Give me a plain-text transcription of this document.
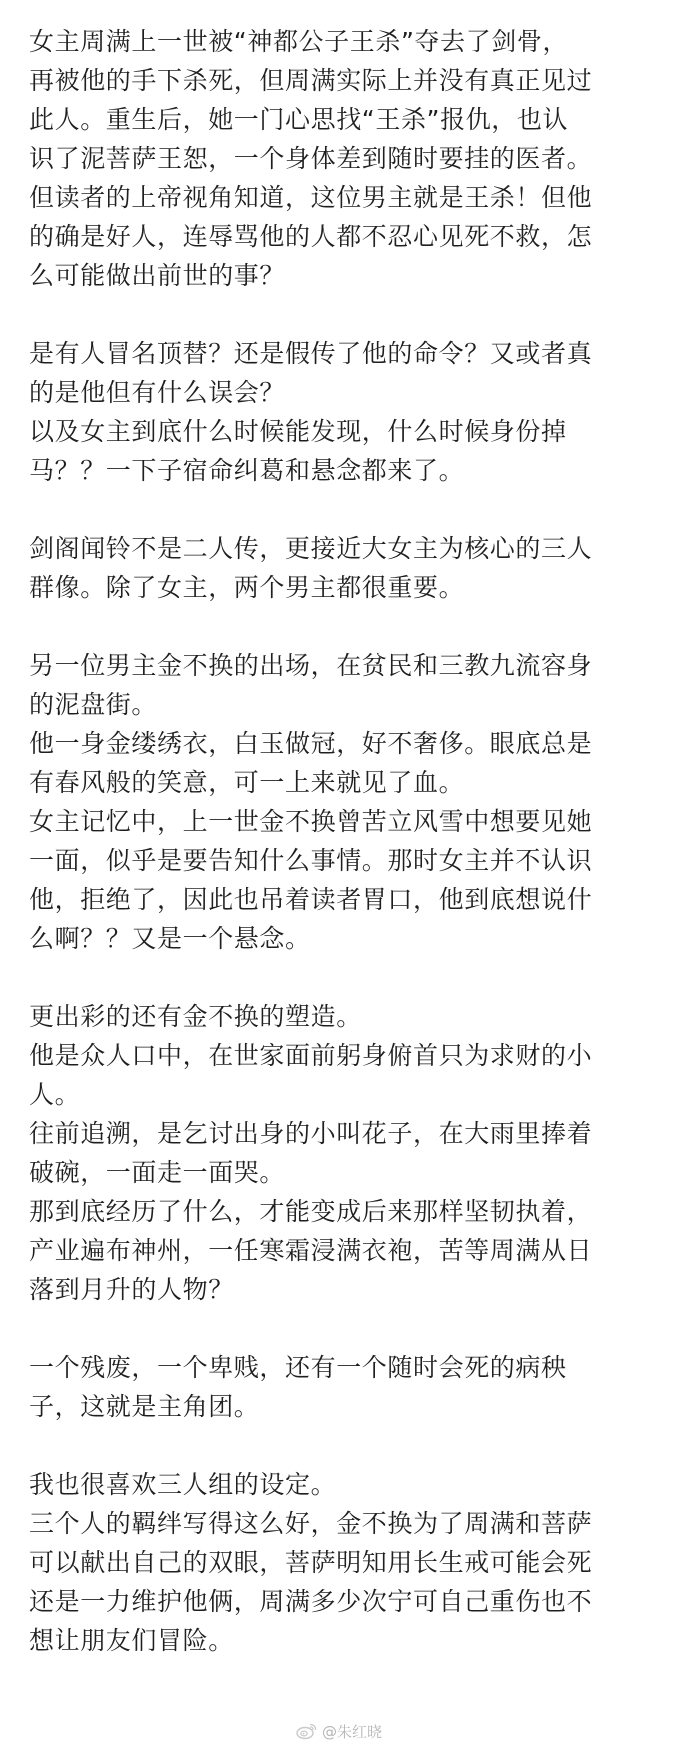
女主周满上一世被“神都公子王杀”夺去了剑骨，
再被他的手下杀死，但周满实际上并没有真正见过
此人。重生后，她一门心思找“王杀”报仇，也认
识了泥菩萨王恕，一个身体差到随时要挂的医者。
但读者的上帝视角知道，这位男主就是王杀！但他
的确是好人，连辱骂他的人都不忍心见死不救，怎
么可能做出前世的事？
是有人冒名顶替？还是假传了他的命令？又或者真
的是他但有什么误会？
以及女主到底什么时候能发现，什么时候身份掉
马？？一下子宿命纠葛和悬念都来了。
剑阁闻铃不是二人传，更接近大女主为核心的三人
群像。除了女主，两个男主都很重要。
另一位男主金不换的出场，在贫民和三教九流容身
的泥盘街。
他一身金缕绣衣，白玉做冠，好不奢侈。眼底总是
有春风般的笑意，可一上来就见了血。
女主记忆中，上一世金不换曾苦立风雪中想要见她
一面，似乎是要告知什么事情。那时女主并不认识
他，拒绝了，因此也吊着读者胃口，他到底想说什
么啊？？又是一个悬念。
更出彩的还有金不换的塑造。
他是众人口中，在世家面前躬身俯首只为求财的小
人。
往前追溯，是乞讨出身的小叫花子，在大雨里捧着
破碗，一面走一面哭。
那到底经历了什么，才能变成后来那样坚韧执着，
产业遍布神州，一任寒霜浸满衣袍，苦等周满从日
落到月升的人物？
一个残废，一个卑贱，还有一个随时会死的病秧
子，这就是主角团。
我也很喜欢三人组的设定。
三个人的羁绊写得这么好，金不换为了周满和菩萨
可以献出自己的双眼，菩萨明知用长生戒可能会死
还是一力维护他俩，周满多少次宁可自己重伤也不
想让朋友们冒险。
@朱红晓
